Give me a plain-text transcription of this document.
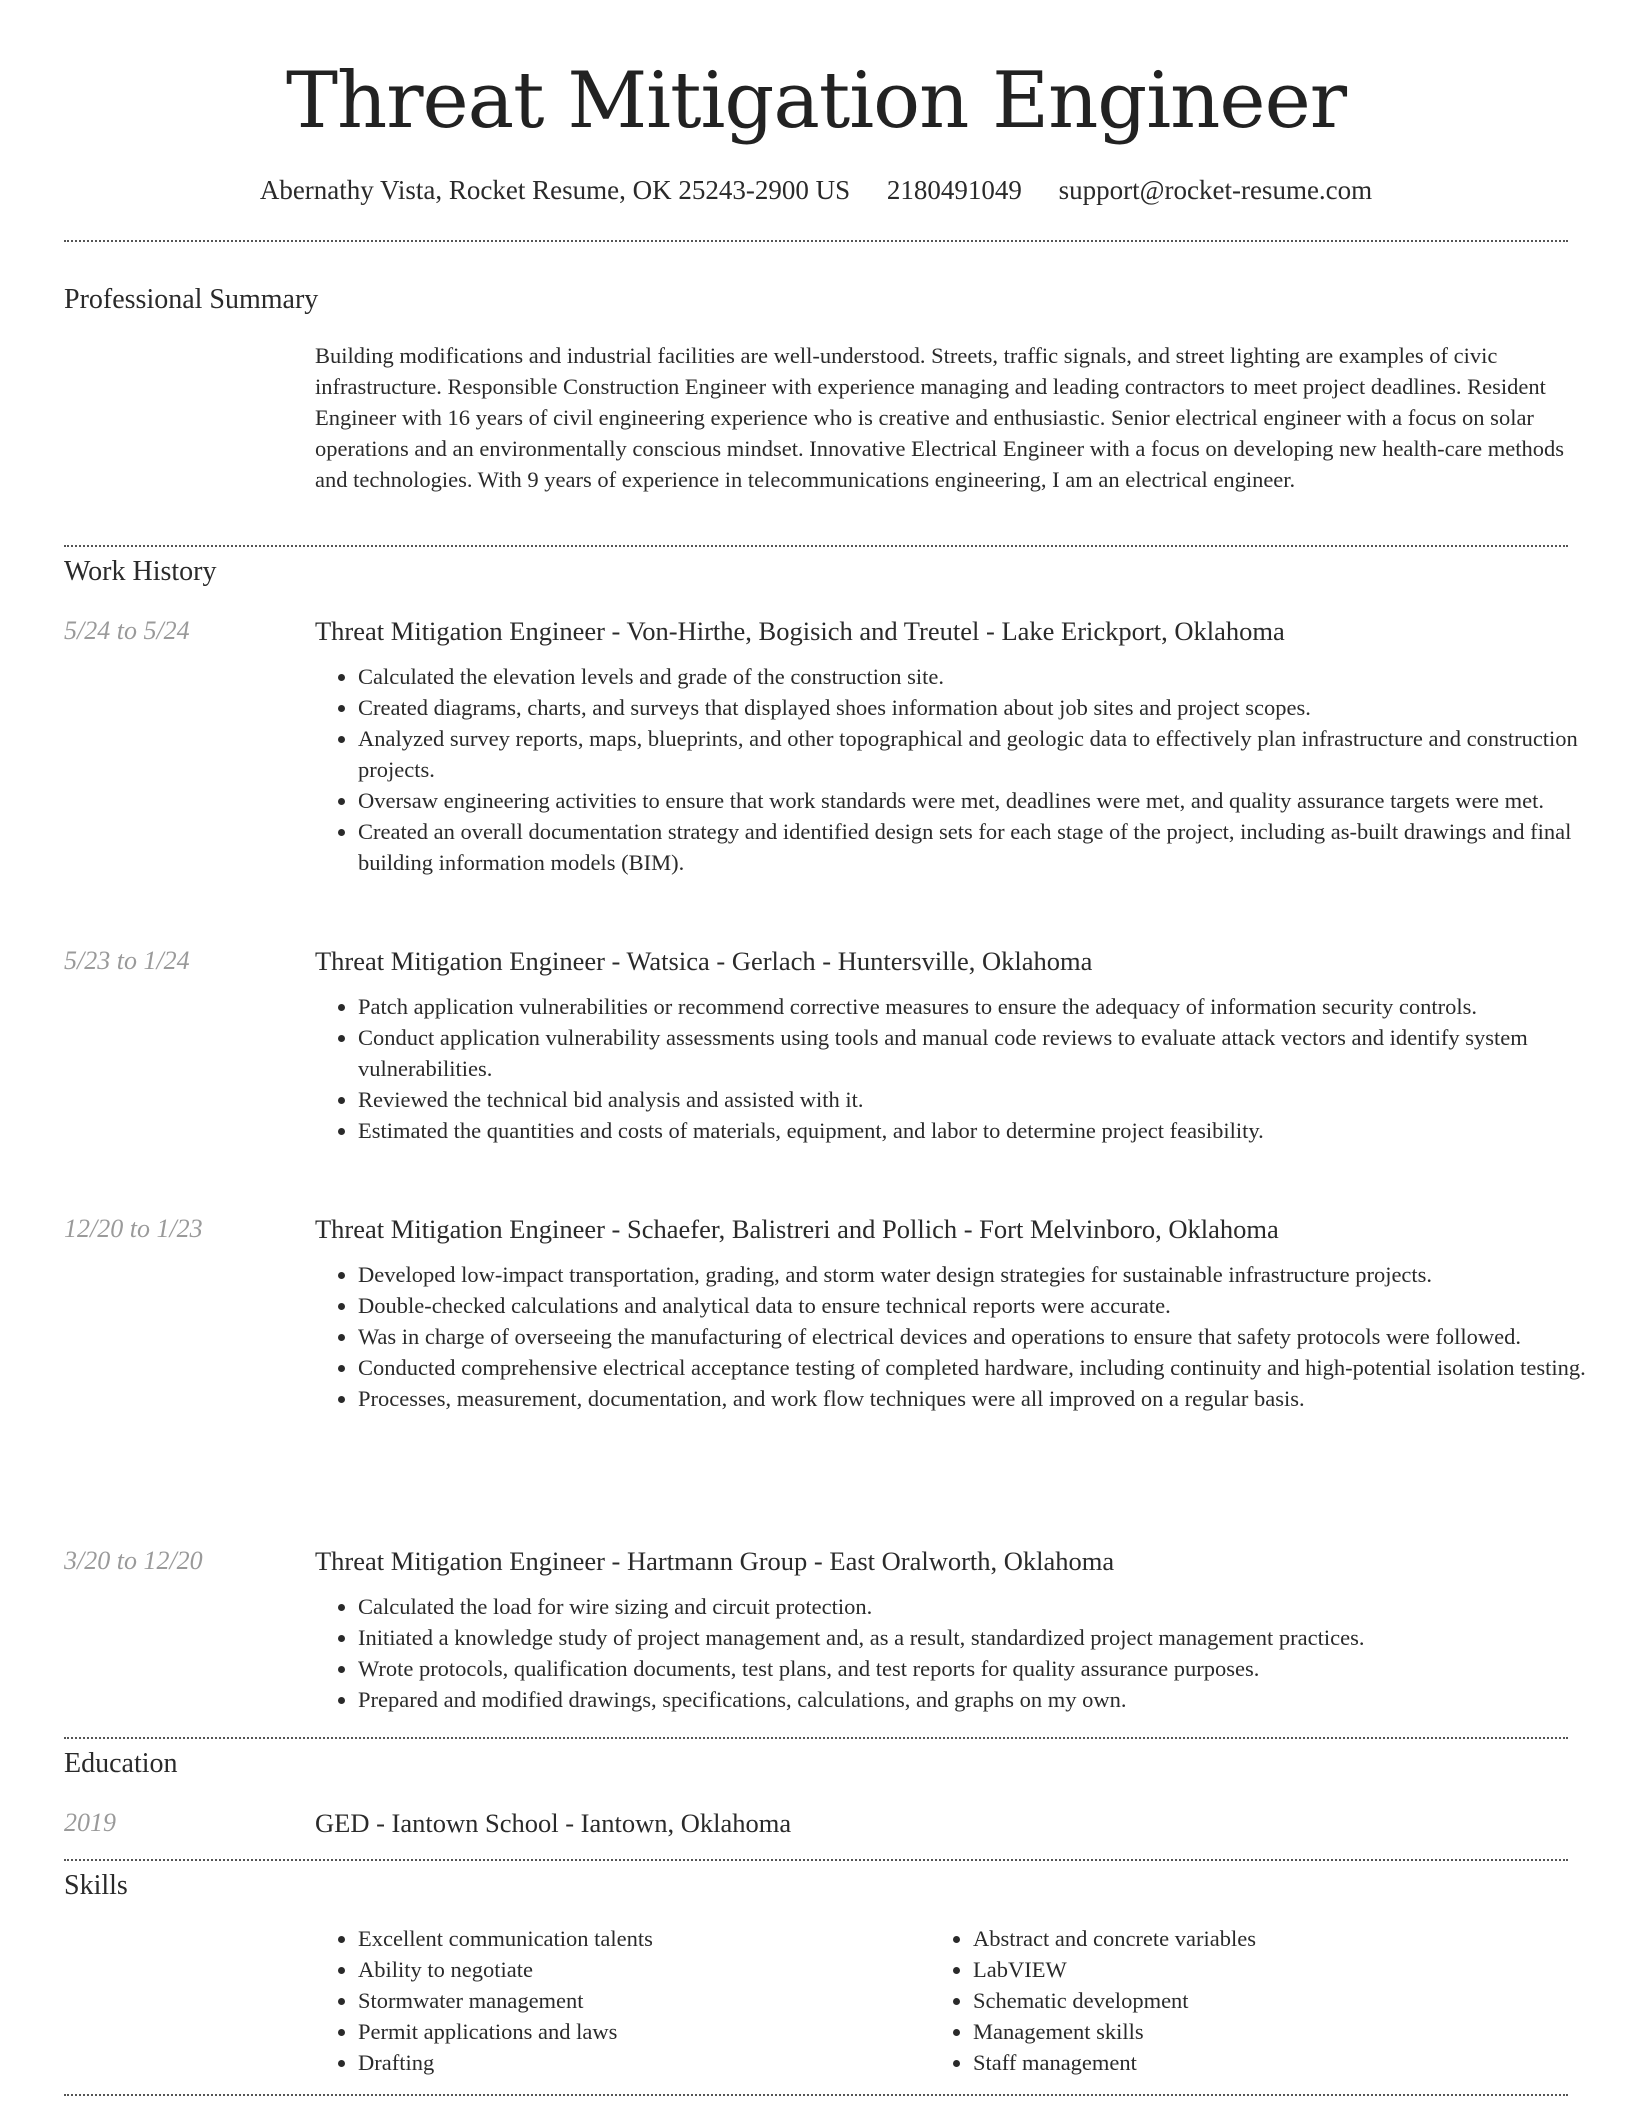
Threat Mitigation Engineer
Abernathy Vista, Rocket Resume, OK 25243-2900 US 2180491049 support@rocket-resume.com
Professional Summary

Building modifications and industrial facilities are well-understood. Streets, traffic signals, and street lighting are examples of civic infrastructure. Responsible Construction Engineer with experience managing and leading contractors to meet project deadlines. Resident Engineer with 16 years of civil engineering experience who is creative and enthusiastic. Senior electrical engineer with a focus on solar operations and an environmentally conscious mindset. Innovative Electrical Engineer with a focus on developing new health-care methods and technologies. With 9 years of experience in telecommunications engineering, I am an electrical engineer.

Work History
5/24 to 5/24	Threat Mitigation Engineer - Von-Hirthe, Bogisich and Treutel - Lake Erickport, Oklahoma
• Calculated the elevation levels and grade of the construction site.
• Created diagrams, charts, and surveys that displayed shoes information about job sites and project scopes.
• Analyzed survey reports, maps, blueprints, and other topographical and geologic data to effectively plan infrastructure and construction projects.
• Oversaw engineering activities to ensure that work standards were met, deadlines were met, and quality assurance targets were met.
• Created an overall documentation strategy and identified design sets for each stage of the project, including as-built drawings and final building information models (BIM).
5/23 to 1/24	Threat Mitigation Engineer - Watsica - Gerlach - Huntersville, Oklahoma
• Patch application vulnerabilities or recommend corrective measures to ensure the adequacy of information security controls.
• Conduct application vulnerability assessments using tools and manual code reviews to evaluate attack vectors and identify system vulnerabilities.
• Reviewed the technical bid analysis and assisted with it.
• Estimated the quantities and costs of materials, equipment, and labor to determine project feasibility.
12/20 to 1/23	Threat Mitigation Engineer - Schaefer, Balistreri and Pollich - Fort Melvinboro, Oklahoma
• Developed low-impact transportation, grading, and storm water design strategies for sustainable infrastructure projects.
• Double-checked calculations and analytical data to ensure technical reports were accurate.
• Was in charge of overseeing the manufacturing of electrical devices and operations to ensure that safety protocols were followed.
• Conducted comprehensive electrical acceptance testing of completed hardware, including continuity and high-potential isolation testing.
• Processes, measurement, documentation, and work flow techniques were all improved on a regular basis.
3/20 to 12/20	Threat Mitigation Engineer - Hartmann Group - East Oralworth, Oklahoma
• Calculated the load for wire sizing and circuit protection.
• Initiated a knowledge study of project management and, as a result, standardized project management practices.
• Wrote protocols, qualification documents, test plans, and test reports for quality assurance purposes.
• Prepared and modified drawings, specifications, calculations, and graphs on my own.
Education
2019	GED - Iantown School - Iantown, Oklahoma
Skills
• Excellent communication talents
• Ability to negotiate
• Stormwater management
• Permit applications and laws
• Drafting
• Abstract and concrete variables
• LabVIEW
• Schematic development
• Management skills
• Staff management
